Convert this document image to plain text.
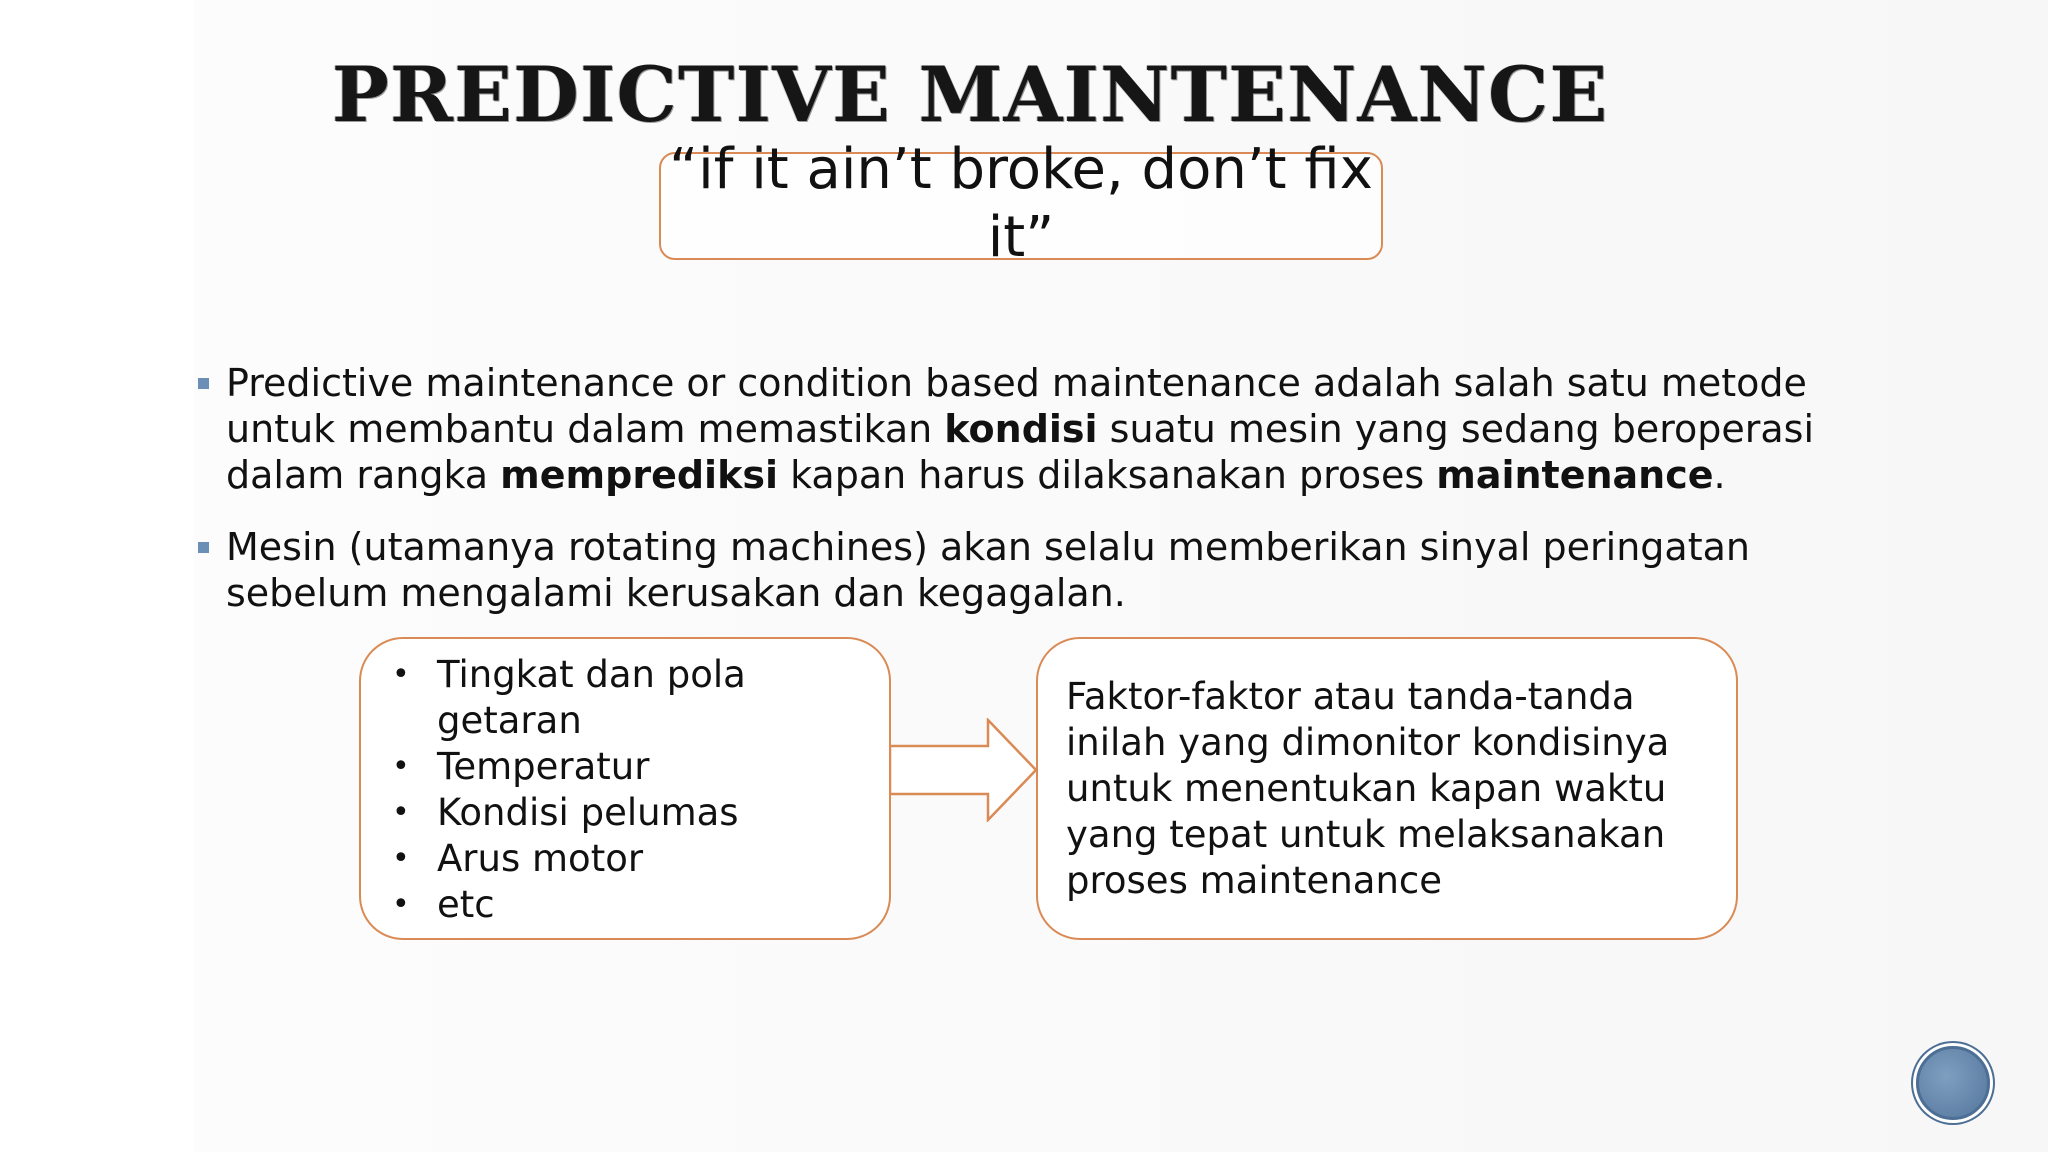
PREDICTIVE MAINTENANCE
“if it ain’t broke, don’t fix it”
Predictive maintenance or condition based maintenance adalah salah satu metode untuk membantu dalam memastikan kondisi suatu mesin yang sedang beroperasi dalam rangka memprediksi kapan harus dilaksanakan proses maintenance.
Mesin (utamanya rotating machines) akan selalu memberikan sinyal peringatan sebelum mengalami kerusakan dan kegagalan.
• Tingkat dan pola getaran
• Temperatur
• Kondisi pelumas
• Arus motor
• etc
Faktor-faktor atau tanda-tanda inilah yang dimonitor kondisinya untuk menentukan kapan waktu yang tepat untuk melaksanakan proses maintenance
